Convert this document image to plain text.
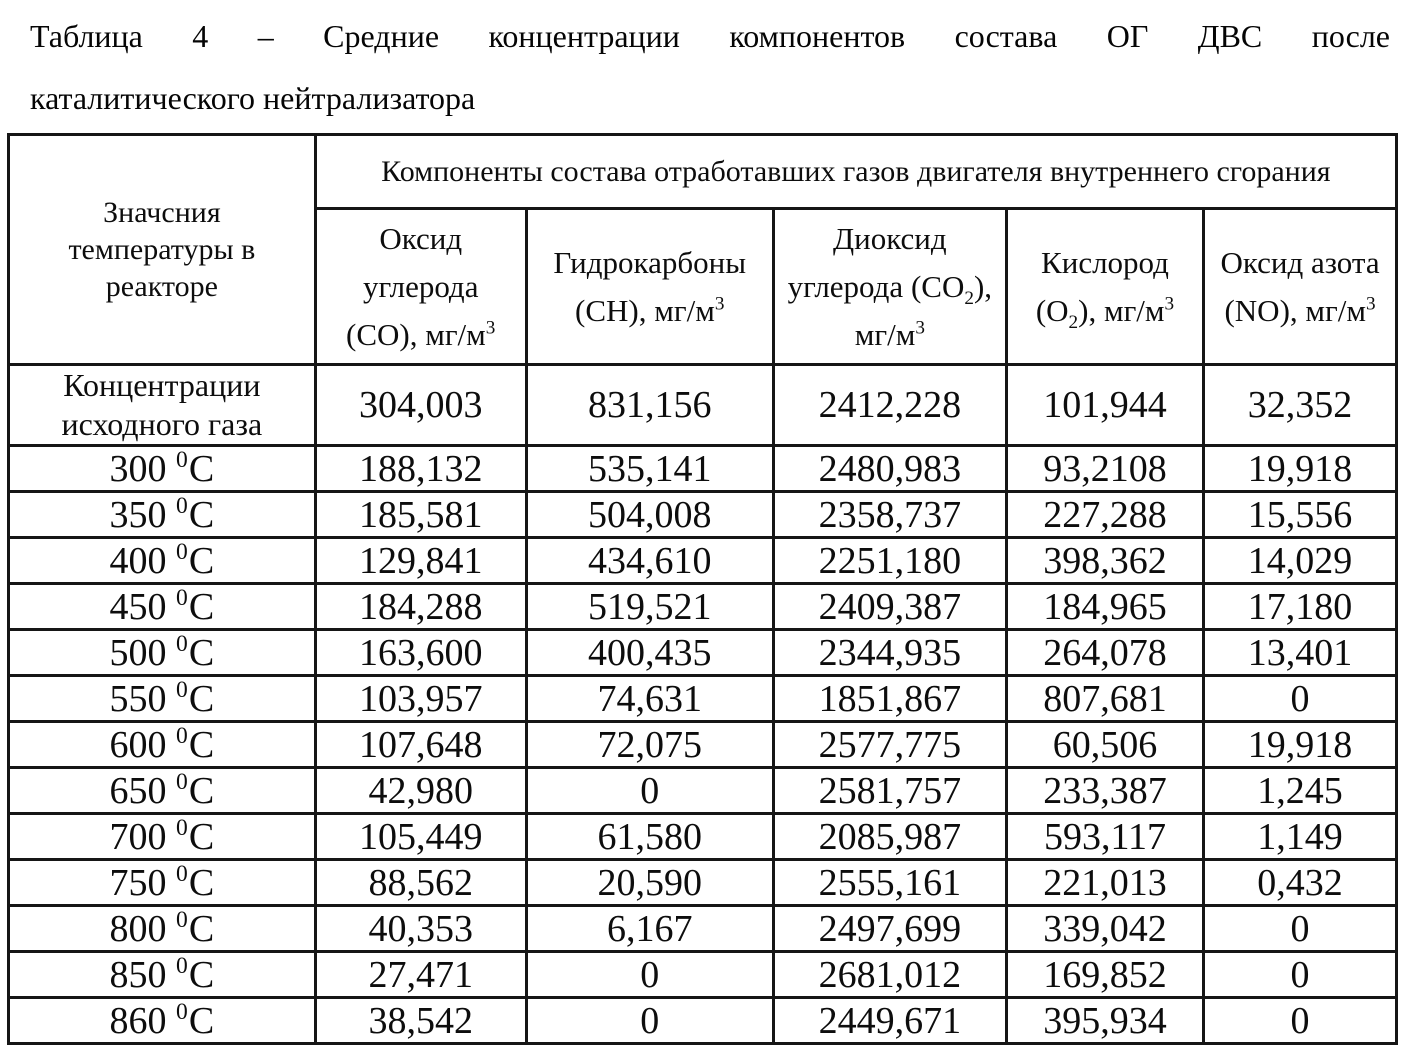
Таблица 4 – Средние концентрации компонентов состава ОГ ДВС после
каталитического нейтрализатора
Значсния температуры в реакторе	Компоненты состава отработавших газов двигателя внутреннего сгорания				
	Оксид углерода (CO), $мг/м^3$	Гидрокарбоны (CH), $мг/м^3$	Диоксид углерода $(CO_2)$, $мг/м^3$	Кислород $(O_2)$, $мг/м^3$	Оксид азота (NO), $мг/м^3$
Концентрации исходного газа	304,003	831,156	2412,228	101,944	32,352
300 $^0$С	188,132	535,141	2480,983	93,2108	19,918
350 $^0$С	185,581	504,008	2358,737	227,288	15,556
400 $^0$С	129,841	434,610	2251,180	398,362	14,029
450 $^0$С	184,288	519,521	2409,387	184,965	17,180
500 $^0$С	163,600	400,435	2344,935	264,078	13,401
550 $^0$С	103,957	74,631	1851,867	807,681	0
600 $^0$С	107,648	72,075	2577,775	60,506	19,918
650 $^0$С	42,980	0	2581,757	233,387	1,245
700 $^0$С	105,449	61,580	2085,987	593,117	1,149
750 $^0$С	88,562	20,590	2555,161	221,013	0,432
800 $^0$С	40,353	6,167	2497,699	339,042	0
850 $^0$С	27,471	0	2681,012	169,852	0
860 $^0$С	38,542	0	2449,671	395,934	0
